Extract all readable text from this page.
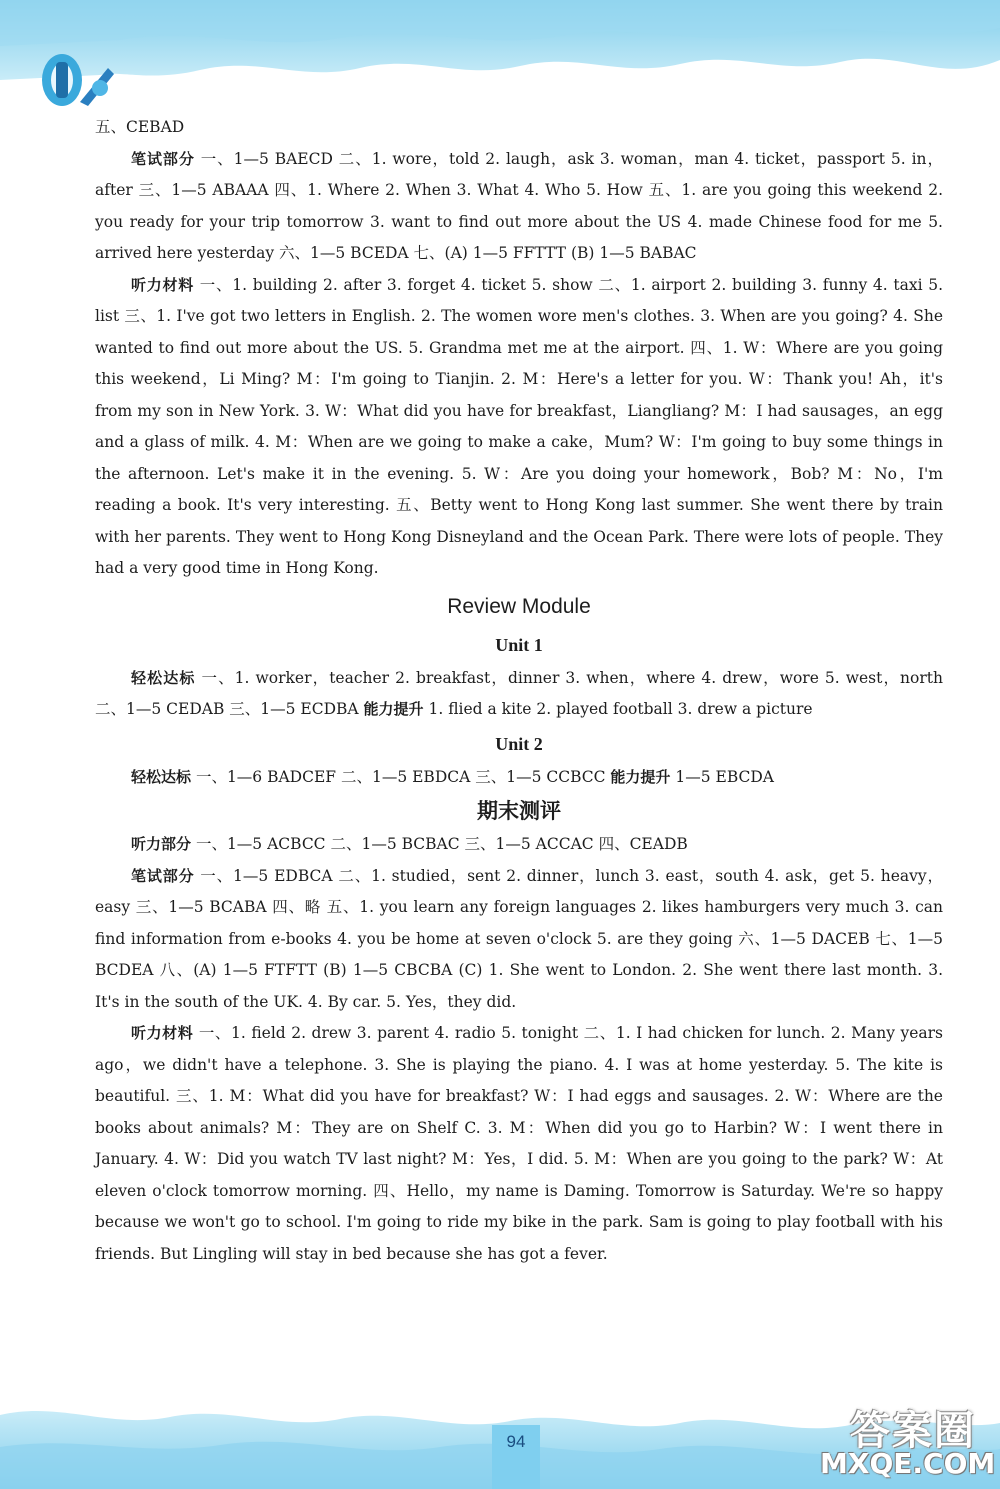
五、CEBAD

笔试部分 一、1—5 BAECD 二、1. wore，told 2. laugh，ask 3. woman，man 4. ticket，passport 5. in，after 三、1—5 ABAAA 四、1. Where 2. When 3. What 4. Who 5. How 五、1. are you going this weekend 2. you ready for your trip tomorrow 3. want to find out more about the US 4. made Chinese food for me 5. arrived here yesterday 六、1—5 BCEDA 七、(A) 1—5 FFTTT (B) 1—5 BABAC

听力材料 一、1. building 2. after 3. forget 4. ticket 5. show 二、1. airport 2. building 3. funny 4. taxi 5. list 三、1. I've got two letters in English. 2. The women wore men's clothes. 3. When are you going? 4. She wanted to find out more about the US. 5. Grandma met me at the airport. 四、1. W：Where are you going this weekend，Li Ming? M：I'm going to Tianjin. 2. M：Here's a letter for you. W：Thank you! Ah，it's from my son in New York. 3. W：What did you have for breakfast，Liangliang? M：I had sausages，an egg and a glass of milk. 4. M：When are we going to make a cake，Mum? W：I'm going to buy some things in the afternoon. Let's make it in the evening. 5. W：Are you doing your homework，Bob? M：No，I'm reading a book. It's very interesting. 五、Betty went to Hong Kong last summer. She went there by train with her parents. They went to Hong Kong Disneyland and the Ocean Park. There were lots of people. They had a very good time in Hong Kong.

Review Module
Unit 1

轻松达标 一、1. worker，teacher 2. breakfast，dinner 3. when，where 4. drew，wore 5. west，north 二、1—5 CEDAB 三、1—5 ECDBA 能力提升 1. flied a kite 2. played football 3. drew a picture

Unit 2

轻松达标 一、1—6 BADCEF 二、1—5 EBDCA 三、1—5 CCBCC 能力提升 1—5 EBCDA

期末测评

听力部分 一、1—5 ACBCC 二、1—5 BCBAC 三、1—5 ACCAC 四、CEADB

笔试部分 一、1—5 EDBCA 二、1. studied，sent 2. dinner，lunch 3. east，south 4. ask，get 5. heavy，easy 三、1—5 BCABA 四、略 五、1. you learn any foreign languages 2. likes hamburgers very much 3. can find information from e-books 4. you be home at seven o'clock 5. are they going 六、1—5 DACEB 七、1—5 BCDEA 八、(A) 1—5 FTFTT (B) 1—5 CBCBA (C) 1. She went to London. 2. She went there last month. 3. It's in the south of the UK. 4. By car. 5. Yes，they did.

听力材料 一、1. field 2. drew 3. parent 4. radio 5. tonight 二、1. I had chicken for lunch. 2. Many years ago，we didn't have a telephone. 3. She is playing the piano. 4. I was at home yesterday. 5. The kite is beautiful. 三、1. M：What did you have for breakfast? W：I had eggs and sausages. 2. W：Where are the books about animals? M：They are on Shelf C. 3. M：When did you go to Harbin? W：I went there in January. 4. W：Did you watch TV last night? M：Yes，I did. 5. M：When are you going to the park? W：At eleven o'clock tomorrow morning. 四、Hello，my name is Daming. Tomorrow is Saturday. We're so happy because we won't go to school. I'm going to ride my bike in the park. Sam is going to play football with his friends. But Lingling will stay in bed because she has got a fever.

94	答案圈
MXQE.COM
